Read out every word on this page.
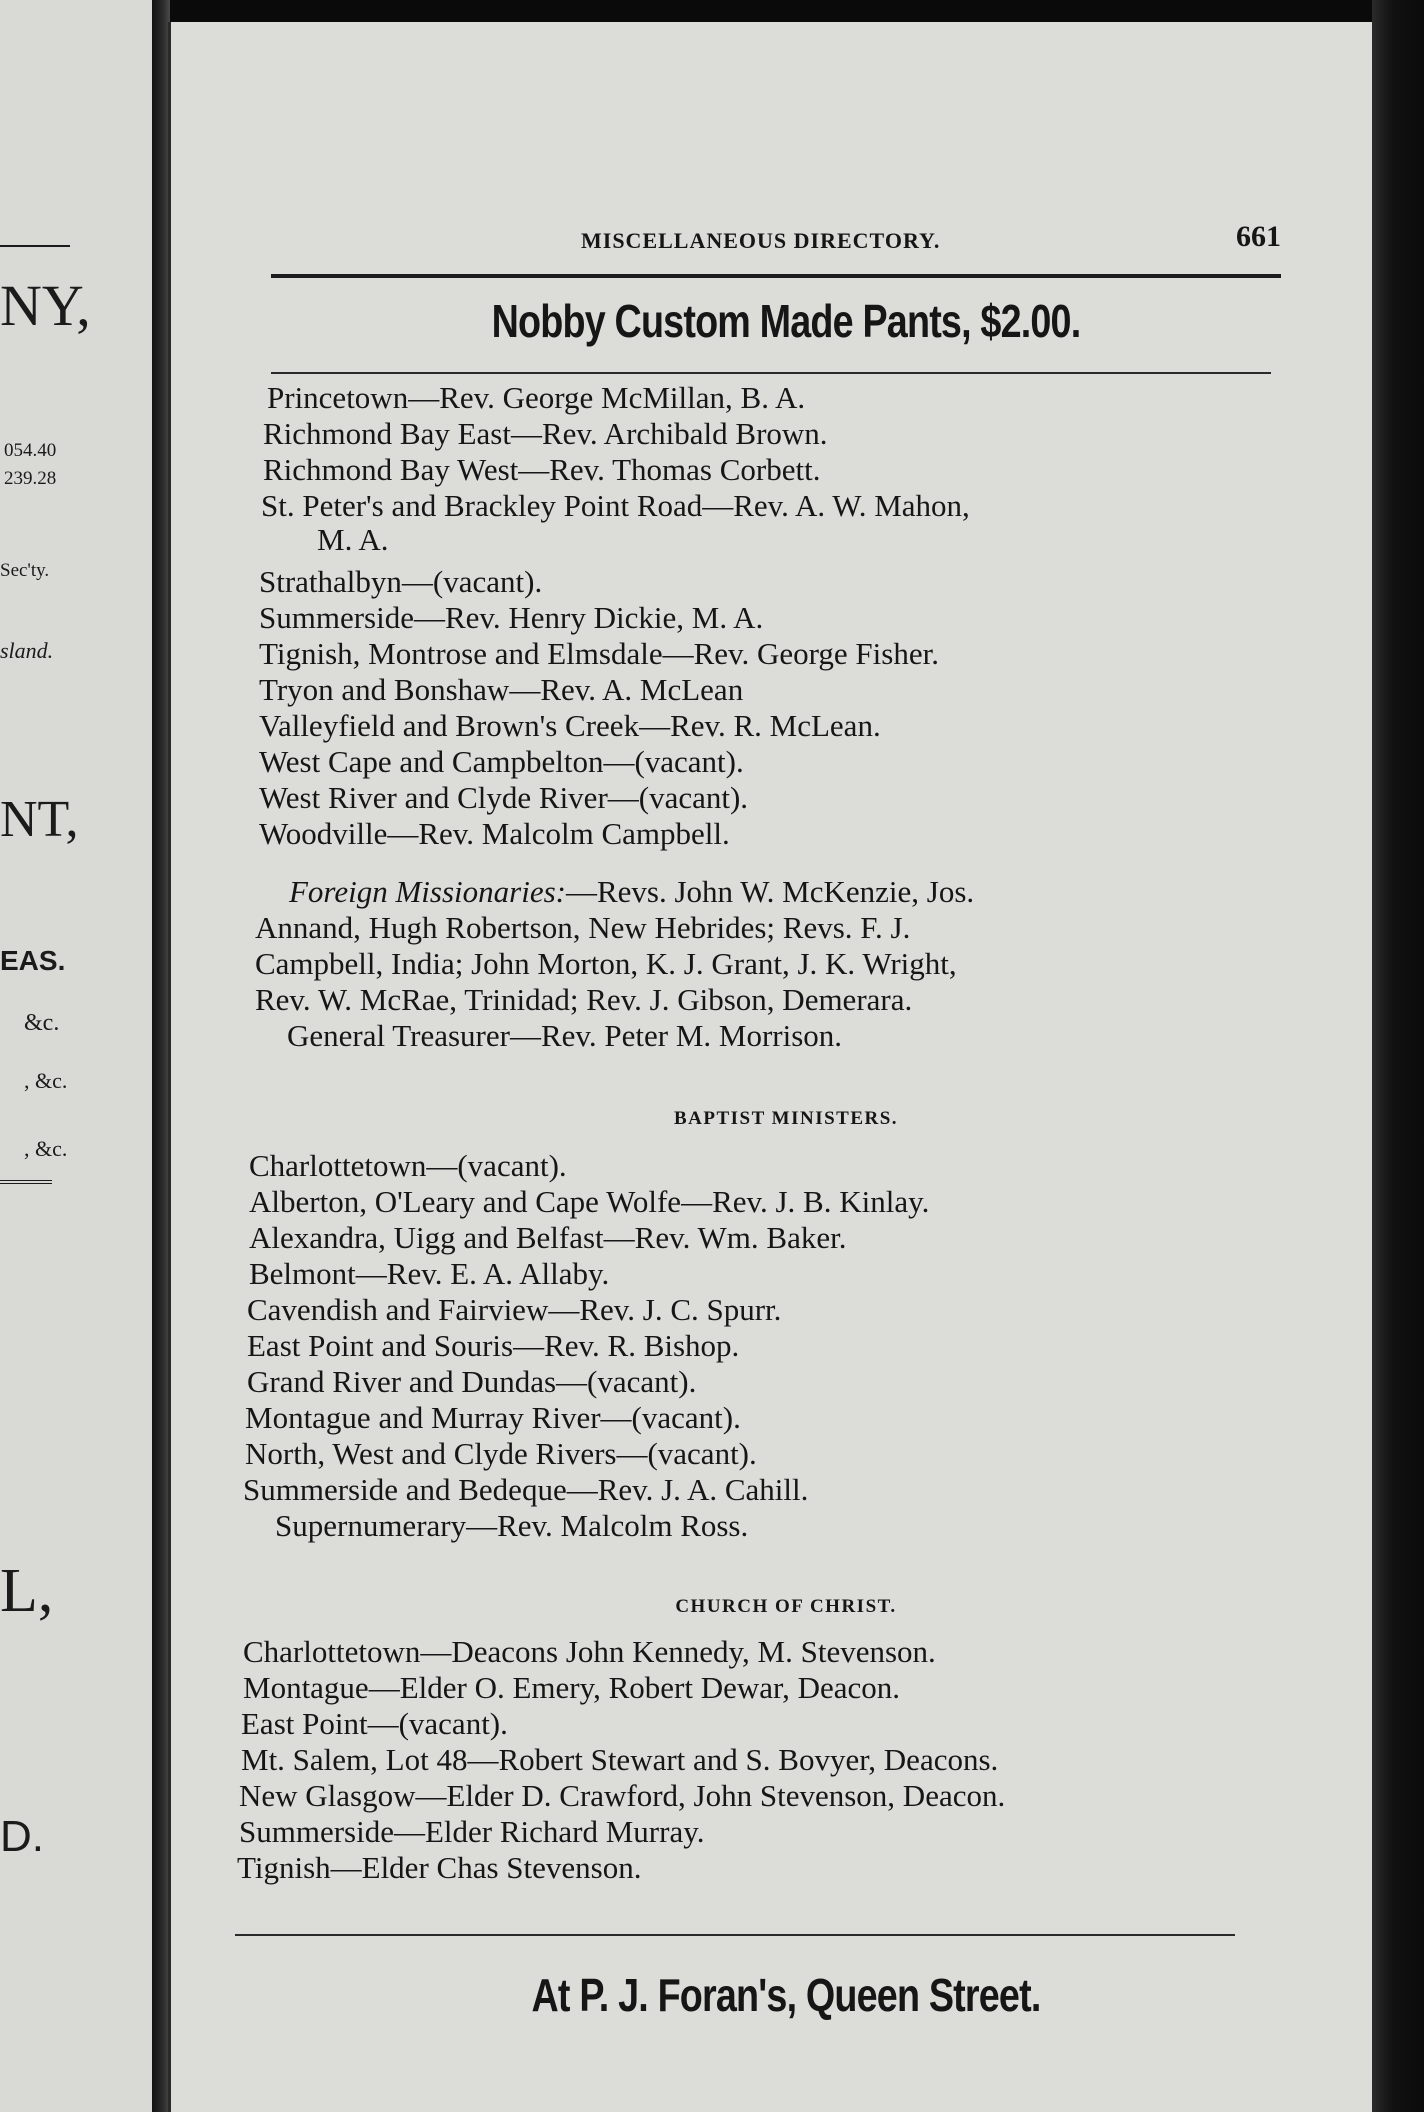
NY,
054.40
239.28
Sec'ty.
sland.
NT,
EAS.
&c.
, &c.
, &c.
L,
D.
MISCELLANEOUS DIRECTORY.	661
Nobby Custom Made Pants, $2.00.
Princetown—Rev. George McMillan, B. A.
Richmond Bay East—Rev. Archibald Brown.
Richmond Bay West—Rev. Thomas Corbett.
St. Peter's and Brackley Point Road—Rev. A. W. Mahon,
M. A.
Strathalbyn—(vacant).
Summerside—Rev. Henry Dickie, M. A.
Tignish, Montrose and Elmsdale—Rev. George Fisher.
Tryon and Bonshaw—Rev. A. McLean
Valleyfield and Brown's Creek—Rev. R. McLean.
West Cape and Campbelton—(vacant).
West River and Clyde River—(vacant).
Woodville—Rev. Malcolm Campbell.
Foreign Missionaries:—Revs. John W. McKenzie, Jos.
Annand, Hugh Robertson, New Hebrides; Revs. F. J.
Campbell, India; John Morton, K. J. Grant, J. K. Wright,
Rev. W. McRae, Trinidad; Rev. J. Gibson, Demerara.
General Treasurer—Rev. Peter M. Morrison.
BAPTIST MINISTERS.
Charlottetown—(vacant).
Alberton, O'Leary and Cape Wolfe—Rev. J. B. Kinlay.
Alexandra, Uigg and Belfast—Rev. Wm. Baker.
Belmont—Rev. E. A. Allaby.
Cavendish and Fairview—Rev. J. C. Spurr.
East Point and Souris—Rev. R. Bishop.
Grand River and Dundas—(vacant).
Montague and Murray River—(vacant).
North, West and Clyde Rivers—(vacant).
Summerside and Bedeque—Rev. J. A. Cahill.
Supernumerary—Rev. Malcolm Ross.
CHURCH OF CHRIST.
Charlottetown—Deacons John Kennedy, M. Stevenson.
Montague—Elder O. Emery, Robert Dewar, Deacon.
East Point—(vacant).
Mt. Salem, Lot 48—Robert Stewart and S. Bovyer, Deacons.
New Glasgow—Elder D. Crawford, John Stevenson, Deacon.
Summerside—Elder Richard Murray.
Tignish—Elder Chas Stevenson.
At P. J. Foran's, Queen Street.
